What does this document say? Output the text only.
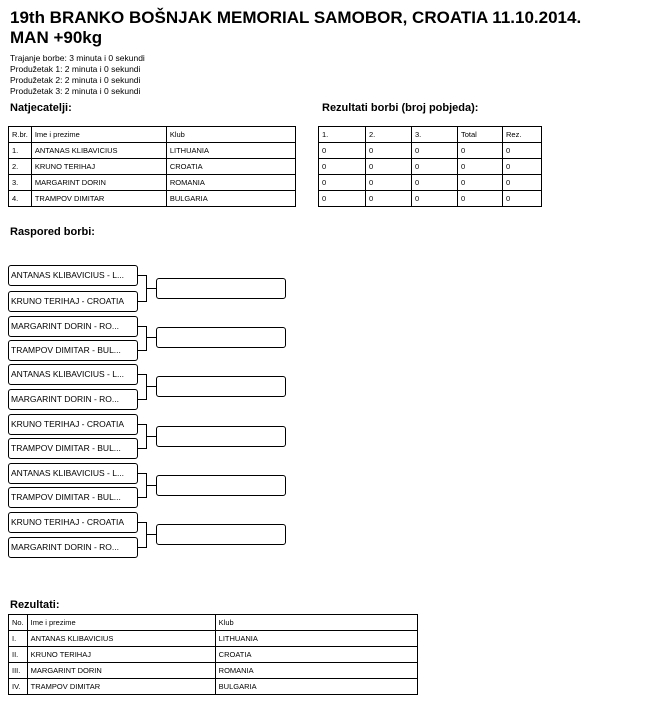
19th BRANKO BOŠNJAK MEMORIAL SAMOBOR, CROATIA 11.10.2014.
MAN +90kg
Trajanje borbe: 3 minuta i 0 sekundi
Produžetak 1: 2 minuta i 0 sekundi
Produžetak 2: 2 minuta i 0 sekundi
Produžetak 3: 2 minuta i 0 sekundi
Natjecatelji:
R.br.	Ime i prezime	Klub
1.	ANTANAS KLIBAVICIUS	LITHUANIA
2.	KRUNO TERIHAJ	CROATIA
3.	MARGARINT DORIN	ROMANIA
4.	TRAMPOV DIMITAR	BULGARIA
Rezultati borbi (broj pobjeda):
1.	2.	3.	Total	Rez.
0	0	0	0	0
0	0	0	0	0
0	0	0	0	0
0	0	0	0	0
Raspored borbi:
ANTANAS KLIBAVICIUS - L...
KRUNO TERIHAJ - CROATIA
MARGARINT DORIN - RO...
TRAMPOV DIMITAR - BUL...
ANTANAS KLIBAVICIUS - L...
MARGARINT DORIN - RO...
KRUNO TERIHAJ - CROATIA
TRAMPOV DIMITAR - BUL...
ANTANAS KLIBAVICIUS - L...
TRAMPOV DIMITAR - BUL...
KRUNO TERIHAJ - CROATIA
MARGARINT DORIN - RO...
Rezultati:
No.	Ime i prezime	Klub
I.	ANTANAS KLIBAVICIUS	LITHUANIA
II.	KRUNO TERIHAJ	CROATIA
III.	MARGARINT DORIN	ROMANIA
IV.	TRAMPOV DIMITAR	BULGARIA
